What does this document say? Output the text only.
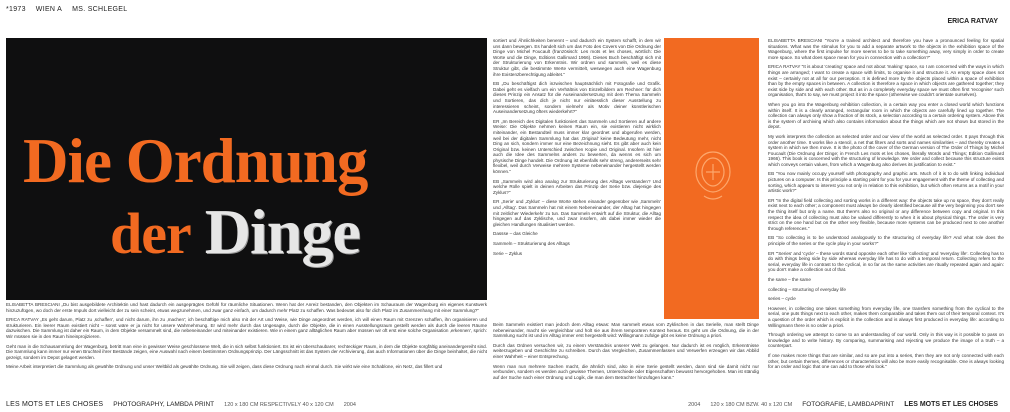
*1973 WIEN A MS. SCHLEGEL
ERICA RATVAY
Die Ordnung
der Dinge

ELISABETTA BRESCIANI „Du bist ausgebildete Architektin und hast dadurch ein ausgeprägtes Gefühl für räumliche Situationen. Wenn hat der Anreiz bestanden, den Objekten im Schauraum der Wagenburg ein eigenes Kunstwerk hinzuzufügen, wo doch der erste Impuls dort vielleicht der zu sein scheint, etwas wegzunehmen, und zwar ganz einfach, um dadurch mehr Platz zu schaffen. Was bedeutet also für dich Platz im Zusammenhang mit einer Sammlung?"

ERICA RATVAY „Es geht darum, Platz zu ‚schaffen', und nicht darum, ihn zu ‚machen'; ich beschäftige mich also mit der Art und Weise, wie Dinge angeordnet werden, ich will einen Raum mit Grenzen schaffen, ihn organisieren und strukturieren. Ein leerer Raum existiert nicht – sonst wäre er ja nicht für unsere Wahrnehmung. Er wird mehr durch das Ungesagte, durch die Objekte, die in einen Ausstellungsraum gestellt werden als durch die leeren Räume dazwischen. Die Sammlung ist daher ein Raum, in dem Objekte versammelt sind, die nebeneinander und miteinander existieren. Wie in einem ganz alltäglichen Raum aber müssen wir oft erst eine solche Organisation ‚erkennen', sprich: Wir müssen sie in den Raum hineinprojizieren.

Geht man in die Schausammlung der Wagenburg, betritt man eine in gewisser Weise geschlossene Welt, die in sich selbst funktioniert. Es ist ein überschaubarer, rechteckiger Raum, in dem die Objekte sorgfältig aneinandergereiht sind. Die Sammlung kann immer nur einen Bruchteil ihrer Bestände zeigen, eine Auswahl nach einem bestimmten Ordnungsprinzip. Der Längsschnitt ist das System der Archivierung, das auch Informationen über die Dinge beinhaltet, die nicht gezeigt, sondern im Depot gelagert werden.

Meine Arbeit interpretiert die Sammlung als gewählte Ordnung und unser Weltbild als gewählte Ordnung. Sie will zeigen, dass diese Ordnung nach einmal durch. Sie wirkt wie eine Schablone, ein Netz, das fillert und

sortiert und Ähnlichkeiten benennt – und dadurch ein System schafft, in dem wir uns dann bewegen. Es handelt sich um das Foto des Covers von Die Ordnung der Dinge von Michel Foucault (französisch: Les mots et les choses, wörtlich: Die Worte und die Dinge, Editions Gallimard 1966). Dieses Buch beschäftigt sich mit der Strukturierung von Erkenntnis. Wir ordnen und sammeln, weil es diese Struktur gibt, die bestimmte Werte vermittelt, weswegen auch eine Wagenburg ihre Existenzberechtigung ableitet."

EB „Du beschäftigst dich inzwischen hauptsächlich mit Fotografie und Grafik. Dabei geht es vielfach um ein Verhältnis von Einzelbildern am Rechner: für dich dieses Prinzip ein Ansatz für die Auseinandersetzung mit dem Thema Sammeln und Sortieren, das dich je nicht nur einläesslich dieser Ausstellung zu interessieren scheint, sondern vielmehr als Motiv deiner künstlerischen Auseinandersetzung öfters wiederkehrt?"

ER „Im Bereich des Digitalen funktioniert das Sammeln und Sortieren auf andere Weise: Die Objekte nehmen keinen Raum ein, sie existieren nicht wirklich miteinander, ein Bestandteil muss immer klar geordnet und abgerufen werden, weil bei der digitalen Sammlung hat das ‚Original' keine Bedeutung mehr, nicht Ding an sich, sondern immer nur eine Bezeichnung sieht. Es gibt aber auch kein Original bzw. keinen Unterschied zwischen Kopie und Original. Insofern ist hier auch die Idee des Sammelns anders zu bewerten, da wenns es sich um physische Dinge handelt. Die Ordnung ist ebenfalls sehr streng, andererseits sehr flexibel, weil durch Verweise mehrere Systeme nebeneinander hergestellt werden können."

EB „Sammeln wird also analog zur Strukturierung des Alltags verstanden? Und welche Rolle spielt in deinen Arbeiten das Prinzip der Serie bzw. diejenige des Zyklus?"

ER „Serie' und ‚Zyklus' – diese Worte stehen einander gegenüber wie ‚Sammeln' und ‚Alltag'. Das Sammeln hat mit einem Nebeneinander, der Alltag hat hingegen mit zeitlicher Wiederkehr zu tun. Das Sammeln entwirft auf die Struktur, die Alltag hingegen auf das Zyklische, und zwar insofern, als dabei immer wieder die gleichen Handlungen ritualisiert werden.

Dassse – das Gleiche

Sammeln – Strukturierung des Alltags

Serie – Zyklus

Beim Sammeln existiert man jedoch dem Alltag etwas: Man sammelt etwas vom Zyklischen in das Serielle, man stellt Dinge nebeneinander, macht sie vergleichbar und holt sie aus ihrem temporären Kontext heraus. Es geht um die Ordnung, die in der Sammlung sucht ist und im Alltag immer erst hergestellt wird: Willingmann zufolge gibt es keine Ordnung a priori.

Durch das Ordnen versuchen wir, zu einem Verständnis unserer Welt zu gelangen. Nur dadurch ist es möglich, Erkenntnisse weiterzugeben und Geschichte zu schreiben. Durch das Vergleichen, Zusammenfassen und Verwerfen erzeugen wir das Abbild einer Wahrheit – einer Entsprechung.

Wenn man nun mehrere Sachen macht, die ähnlich sind, also in eine Serie gestellt werden, dann sind sie damit nicht nur verbunden, sondern es werden auch gewisse Themen, Unterschiede oder Eigenschaften bewusst hervorgehoben. Man ist ständig auf der Suche nach einer Ordnung und Logik, die man dem Betrachter hinzufügen kann."

ELISABETTA BRESCIANI "You're a trained architect and therefore you have a pronounced feeling for spatial situations. What was the stimulus for you to add a separate artwork to the objects in the exhibition space of the Wagenburg, where the first impulse for more seems to be to take something away, very simply in order to create more space. So what does space mean for you in connection with a collection?"

ERICA RATVAY "It is about 'creating' space and not about 'making' space, so I am concerned with the ways in which things are arranged; I want to create a space with limits, to organise it and structure it. An empty space does not exist – certainly not at all for our perception. It is defined more by the objects placed within a space of exhibition than by the empty spaces in between. A collection is therefore a space in which objects are gathered together; they exist side by side and with each other. But as in a completely everyday space we must often first 'recognise' such organisation, that's to say, we must project it into the space (otherwise we couldn't orientate ourselves).

When you go into the Wagenburg exhibition collection, in a certain way you enter a closed world which functions within itself. It is a clearly arranged, rectangular room in which the objects are carefully lined up together. The collection can always only show a fraction of its stock, a selection according to a certain ordering system. Above this is the system of archiving which also contains information about the things which are not shown but stored in the depot.

My work interprets the collection as selected order and our view of the world as selected order. It pays through this order another time. It works like a stencil, a net that filters and sorts and names similarities – and thereby creates a system in which we then move. It is the photo of the cover of the German version of The Order of Things by Michel Foucault (Die Ordnung der Dinge; in French Les mots et les choses, literally Words and Things; Edition Gallimard 1966). This book is concerned with the structuring of knowledge. We order and collect because this structure exists which conveys certain values, from which a Wagenburg also derives its justification to exist."

EB "You now mainly occupy yourself with photography and graphic arts. Much of it is to do with linking individual pictures on a computer. Is this principle a starting point for you for your engagement with the theme of collecting and sorting, which appears to interest you not only in relation to this exhibition, but which often returns as a motif in your artistic work?"

ER "In the digital field collecting and sorting works in a different way: the objects take up no space, they don't really exist next to each other; a component must always be clearly identified because all the very beginning you don't see the thing itself but only a name. But there's also no original or any difference between copy and original. In this respect the idea of collecting must also be valued differently to when it is about physical things. The order is very strict on the one hand but on the other very flexible, because more systems can be produced next to one another through references."

EB "So collecting is to be understood analogously to the structuring of everyday life? And what role does the principle of the series or the cycle play in your works?"

ER "'Series' and 'cycle' – these words stand opposite each other like 'collecting' and 'everyday life'. Collecting has to do with things being side by side whereas everyday life has to do with a temporal return. Collecting refers to the serial, everyday life in contrast to the cyclical, in so far as the same activities are ritually repeated again and again: you don't make a collection out of that.

the same – the same

collecting – structuring of everyday life

series – cycle

However, in collecting one takes something from everyday life, one transfers something from the cyclical to the serial, one puts things next to each other, makes them comparable and takes them out of their temporal context. It's a question of the order which is explicit in the collection and is always first produced in everyday life: according to Willingmann there is no order a priori.

Through ordering we attempt to come to an understanding of our world. Only in this way is it possible to pass on knowledge and to write history. By comparing, summarising and rejecting we produce the image of a truth – a counterpart.

If one makes more things that are similar, and so are put into a series, then they are not only connected with each other, but certain themes, differences or characteristics will also be more easily recognisable. One is always looking for an order and logic that one can add to those who look."

LES MOTS ET LES CHOSES PHOTOGRAPHY, LAMBDA PRINT 120 x 180 CM RESPECTIVELY 40 x 120 CM 2004	2004 120 x 180 CM BZW. 40 x 120 CM FOTOGRAFIE, LAMBDAPRINT LES MOTS ET LES CHOSES
